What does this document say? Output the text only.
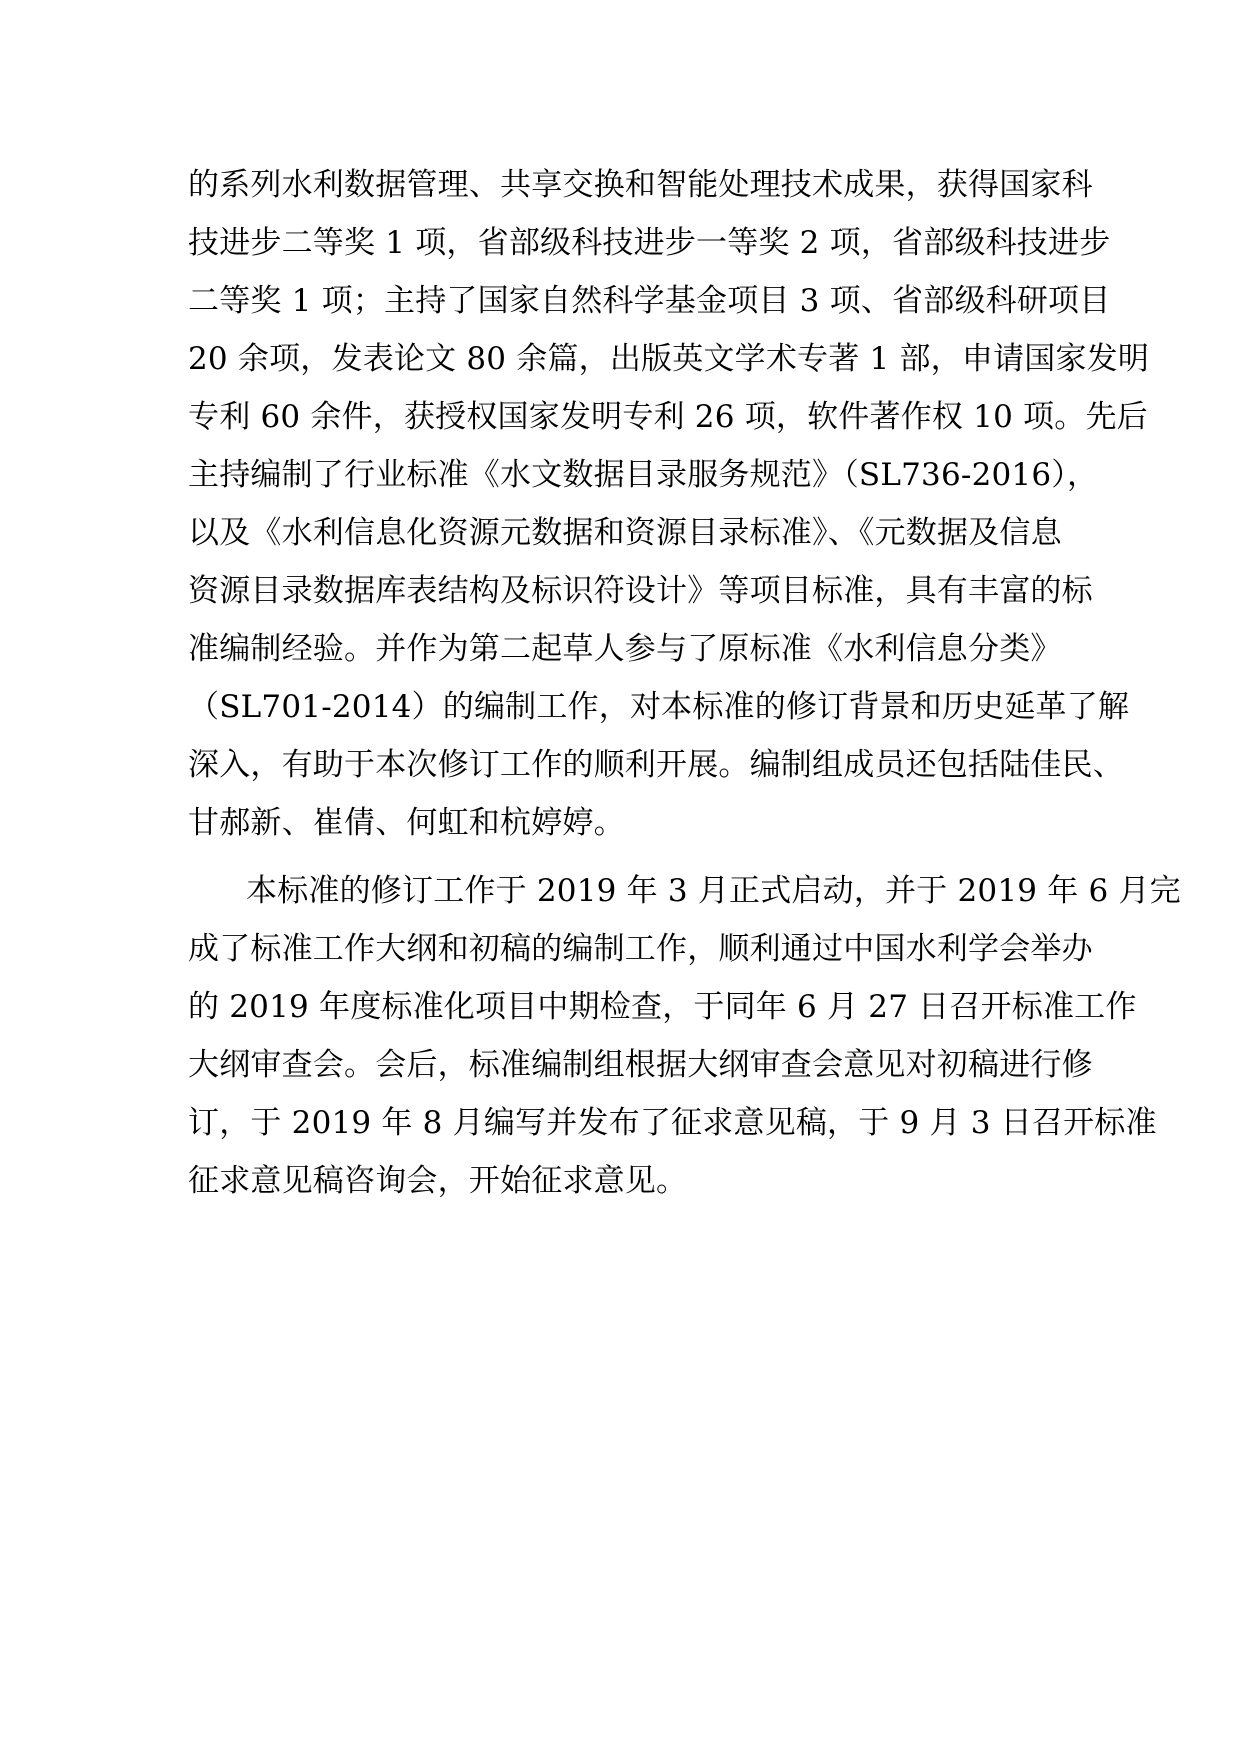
的系列水利数据管理、共享交换和智能处理技术成果，获得国家科
技进步二等奖 1 项，省部级科技进步一等奖 2 项，省部级科技进步
二等奖 1 项；主持了国家自然科学基金项目 3 项、省部级科研项目
20 余项，发表论文 80 余篇，出版英文学术专著 1 部，申请国家发明
专利 60 余件，获授权国家发明专利 26 项，软件著作权 10 项。先后
主持编制了行业标准《水文数据目录服务规范》（SL736-2016），
以及《水利信息化资源元数据和资源目录标准》、《元数据及信息
资源目录数据库表结构及标识符设计》等项目标准，具有丰富的标
准编制经验。并作为第二起草人参与了原标准《水利信息分类》
（SL701-2014）的编制工作，对本标准的修订背景和历史延革了解
深入，有助于本次修订工作的顺利开展。编制组成员还包括陆佳民、
甘郝新、崔倩、何虹和杭婷婷。
本标准的修订工作于 2019 年 3 月正式启动，并于 2019 年 6 月完
成了标准工作大纲和初稿的编制工作，顺利通过中国水利学会举办
的 2019 年度标准化项目中期检查，于同年 6 月 27 日召开标准工作
大纲审查会。会后，标准编制组根据大纲审查会意见对初稿进行修
订，于 2019 年 8 月编写并发布了征求意见稿，于 9 月 3 日召开标准
征求意见稿咨询会，开始征求意见。
